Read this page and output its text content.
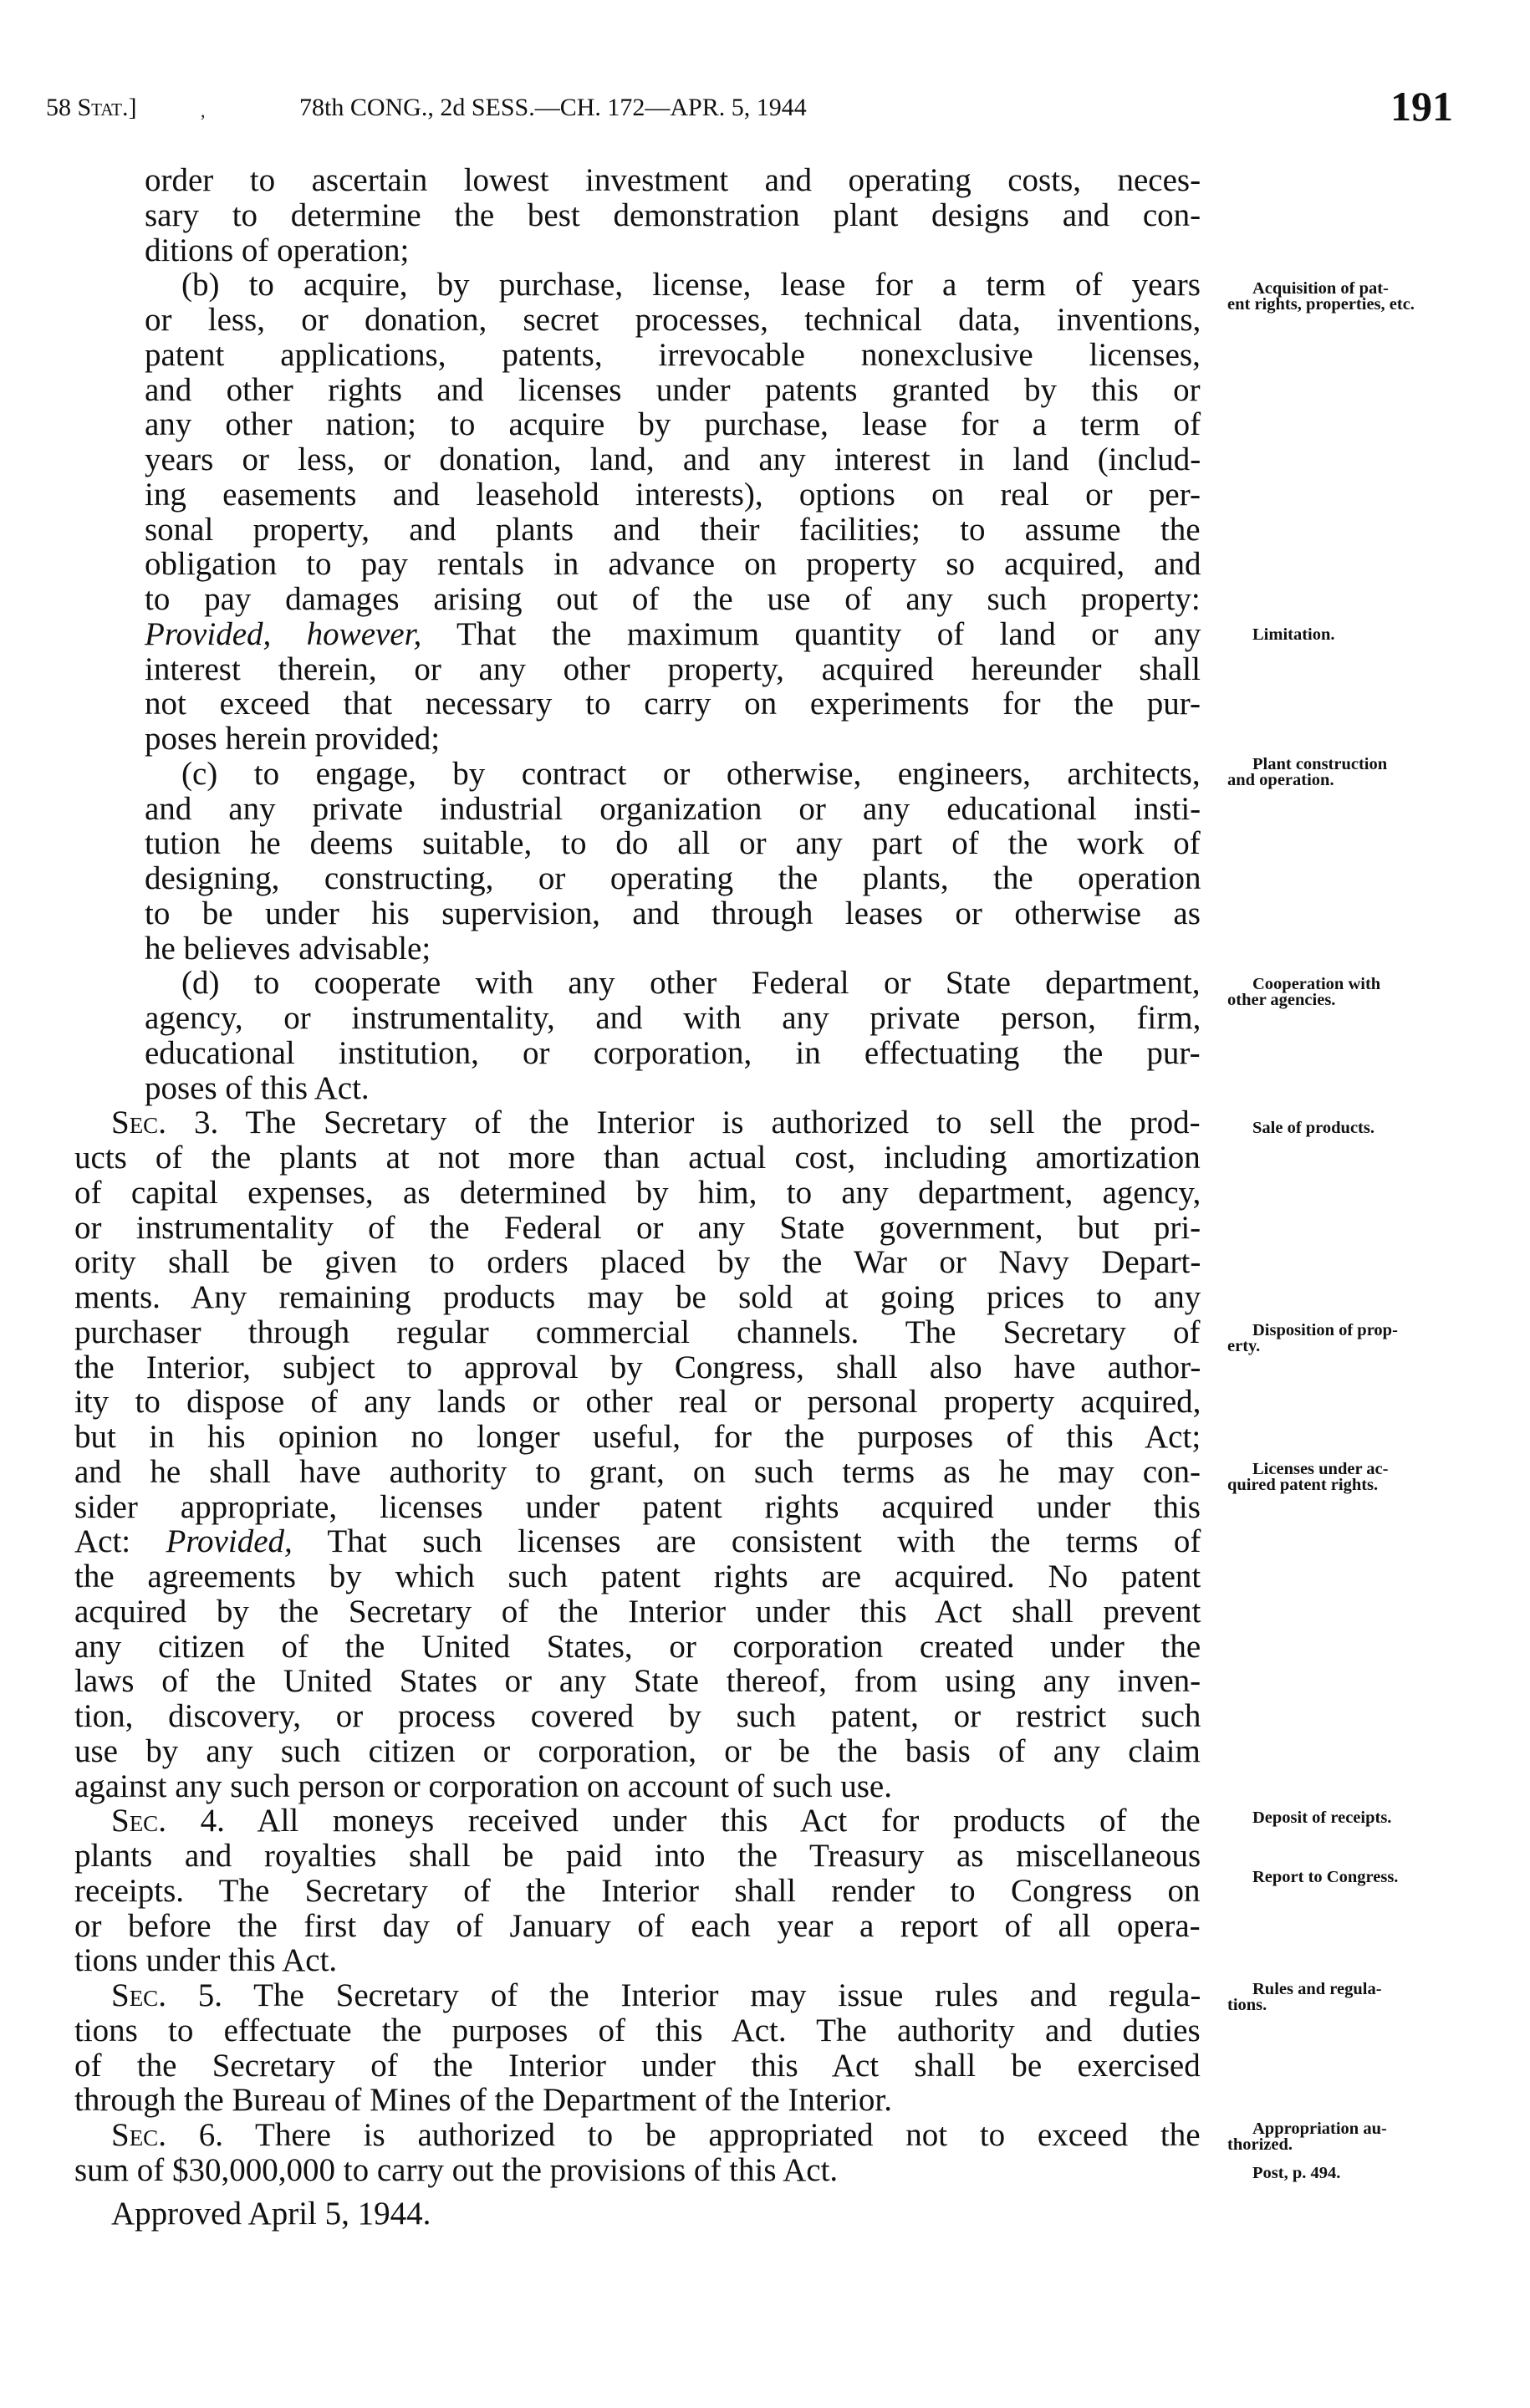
58 Stat.]	,	78th CONG., 2d SESS.—CH. 172—APR. 5, 1944	191
order to ascertain lowest investment and operating costs, neces-
sary to determine the best demonstration plant designs and con-
ditions of operation;
(b) to acquire, by purchase, license, lease for a term of years
or less, or donation, secret processes, technical data, inventions,
patent applications, patents, irrevocable nonexclusive licenses,
and other rights and licenses under patents granted by this or
any other nation; to acquire by purchase, lease for a term of
years or less, or donation, land, and any interest in land (includ-
ing easements and leasehold interests), options on real or per-
sonal property, and plants and their facilities; to assume the
obligation to pay rentals in advance on property so acquired, and
to pay damages arising out of the use of any such property:
Provided, however, That the maximum quantity of land or any
interest therein, or any other property, acquired hereunder shall
not exceed that necessary to carry on experiments for the pur-
poses herein provided;
(c) to engage, by contract or otherwise, engineers, architects,
and any private industrial organization or any educational insti-
tution he deems suitable, to do all or any part of the work of
designing, constructing, or operating the plants, the operation
to be under his supervision, and through leases or otherwise as
he believes advisable;
(d) to cooperate with any other Federal or State department,
agency, or instrumentality, and with any private person, firm,
educational institution, or corporation, in effectuating the pur-
poses of this Act.
Sec. 3. The Secretary of the Interior is authorized to sell the prod-
ucts of the plants at not more than actual cost, including amortization
of capital expenses, as determined by him, to any department, agency,
or instrumentality of the Federal or any State government, but pri-
ority shall be given to orders placed by the War or Navy Depart-
ments. Any remaining products may be sold at going prices to any
purchaser through regular commercial channels. The Secretary of
the Interior, subject to approval by Congress, shall also have author-
ity to dispose of any lands or other real or personal property acquired,
but in his opinion no longer useful, for the purposes of this Act;
and he shall have authority to grant, on such terms as he may con-
sider appropriate, licenses under patent rights acquired under this
Act: Provided, That such licenses are consistent with the terms of
the agreements by which such patent rights are acquired. No patent
acquired by the Secretary of the Interior under this Act shall prevent
any citizen of the United States, or corporation created under the
laws of the United States or any State thereof, from using any inven-
tion, discovery, or process covered by such patent, or restrict such
use by any such citizen or corporation, or be the basis of any claim
against any such person or corporation on account of such use.
Sec. 4. All moneys received under this Act for products of the
plants and royalties shall be paid into the Treasury as miscellaneous
receipts. The Secretary of the Interior shall render to Congress on
or before the first day of January of each year a report of all opera-
tions under this Act.
Sec. 5. The Secretary of the Interior may issue rules and regula-
tions to effectuate the purposes of this Act. The authority and duties
of the Secretary of the Interior under this Act shall be exercised
through the Bureau of Mines of the Department of the Interior.
Sec. 6. There is authorized to be appropriated not to exceed the
sum of $30,000,000 to carry out the provisions of this Act.
Approved April 5, 1944.
Acquisition of pat-
ent rights, properties, etc.
Limitation.
Plant construction
and operation.
Cooperation with
other agencies.
Sale of products.
Disposition of prop-
erty.
Licenses under ac-
quired patent rights.
Deposit of receipts.
Report to Congress.
Rules and regula-
tions.
Appropriation au-
thorized.
Post, p. 494.
